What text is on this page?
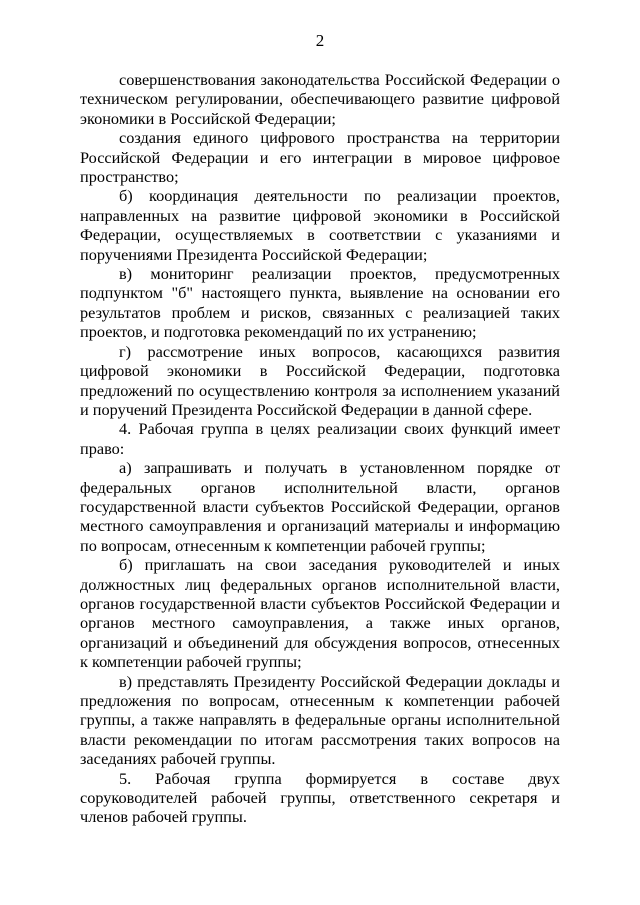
2

совершенствования законодательства Российской Федерации о техническом регулировании, обеспечивающего развитие цифровой экономики в Российской Федерации;

создания единого цифрового пространства на территории Российской Федерации и его интеграции в мировое цифровое пространство;

б) координация деятельности по реализации проектов, направленных на развитие цифровой экономики в Российской Федерации, осуществляемых в соответствии с указаниями и поручениями Президента Российской Федерации;

в) мониторинг реализации проектов, предусмотренных подпунктом "б" настоящего пункта, выявление на основании его результатов проблем и рисков, связанных с реализацией таких проектов, и подготовка рекомендаций по их устранению;

г) рассмотрение иных вопросов, касающихся развития цифровой экономики в Российской Федерации, подготовка предложений по осуществлению контроля за исполнением указаний и поручений Президента Российской Федерации в данной сфере.

4. Рабочая группа в целях реализации своих функций имеет право:

а) запрашивать и получать в установленном порядке от федеральных органов исполнительной власти, органов государственной власти субъектов Российской Федерации, органов местного самоуправления и организаций материалы и информацию по вопросам, отнесенным к компетенции рабочей группы;

б) приглашать на свои заседания руководителей и иных должностных лиц федеральных органов исполнительной власти, органов государственной власти субъектов Российской Федерации и органов местного самоуправления, а также иных органов, организаций и объединений для обсуждения вопросов, отнесенных к компетенции рабочей группы;

в) представлять Президенту Российской Федерации доклады и предложения по вопросам, отнесенным к компетенции рабочей группы, а также направлять в федеральные органы исполнительной власти рекомендации по итогам рассмотрения таких вопросов на заседаниях рабочей группы.

5. Рабочая группа формируется в составе двух соруководителей рабочей группы, ответственного секретаря и членов рабочей группы.
